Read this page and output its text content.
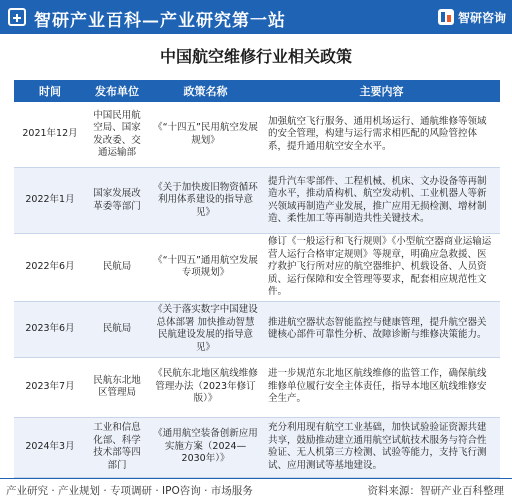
智研产业百科—产业研究第一站	智研咨询
中国航空维修行业相关政策
时间	发布单位	政策名称	主要内容
2021年12月	中国民用航空局、国家发改委、交通运输部	《“十四五”民用航空发展规划》	加强航空飞行服务、通用机场运行、通航维修等领域的安全管理，构建与运行需求相匹配的风险管控体系，提升通用航空安全水平。
2022年1月	国家发展改革委等部门	《关于加快废旧物资循环利用体系建设的指导意见》	提升汽车零部件、工程机械、机床、文办设备等再制造水平，推动盾构机、航空发动机、工业机器人等新兴领域再制造产业发展，推广应用无损检测、增材制造、柔性加工等再制造共性关键技术。
2022年6月	民航局	《“十四五”通用航空发展专项规划》	修订《一般运行和飞行规则》《小型航空器商业运输运营人运行合格审定规则》等规章，明确应急救援、医疗救护飞行所对应的航空器维护、机载设备、人员资质、运行保障和安全管理等要求，配套相应规范性文件。
2023年6月	民航局	《关于落实数字中国建设总体部署 加快推动智慧民航建设发展的指导意见》	推进航空器状态智能监控与健康管理，提升航空器关键核心部件可靠性分析、故障诊断与维修决策能力。
2023年7月	民航东北地区管理局	《民航东北地区航线维修管理办法（2023年修订版）》	进一步规范东北地区航线维修的监管工作，确保航线维修单位履行安全主体责任，指导本地区航线维修安全生产。
2024年3月	工业和信息化部、科学技术部等四部门	《通用航空装备创新应用实施方案（2024—2030年）》	充分利用现有航空工业基础，加快试验验证资源共建共享，鼓励推动建立通用航空试航技术服务与符合性验证、无人机第三方检测、试验等能力，支持飞行测试、应用测试等基地建设。
产业研究 · 产业规划 · 专项调研 · IPO咨询 · 市场服务	资料来源：智研产业百科整理
